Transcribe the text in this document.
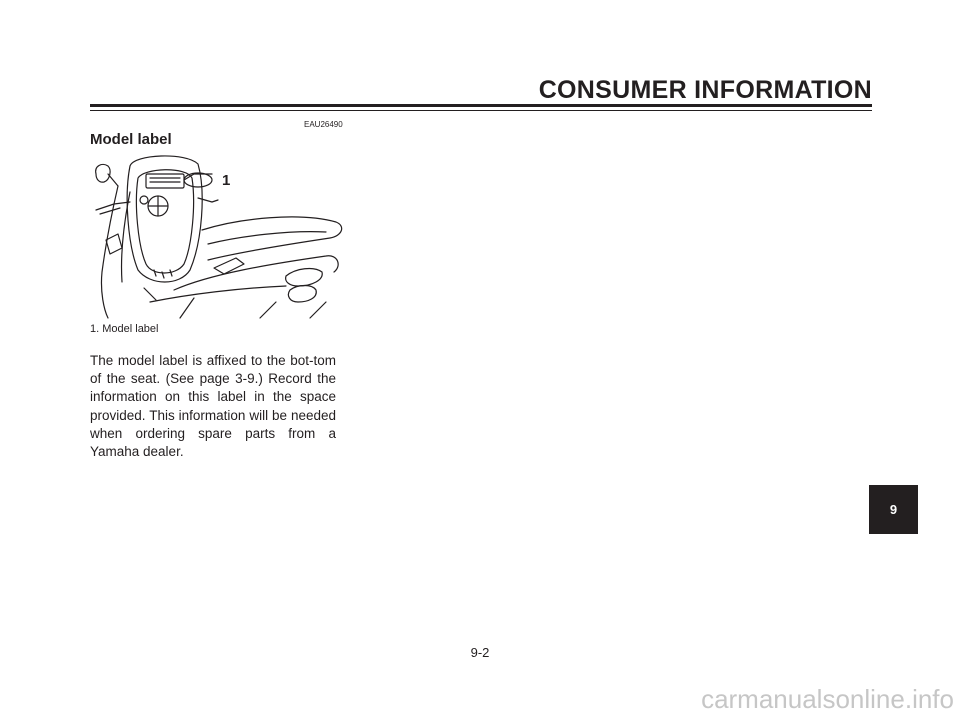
CONSUMER INFORMATION
EAU26490
Model label
1
1. Model label

The model label is affixed to the bot-tom of the seat. (See page 3-9.) Record the information on this label in the space provided. This information will be needed when ordering spare parts from a Yamaha dealer.

9
9-2
carmanualsonline.info
